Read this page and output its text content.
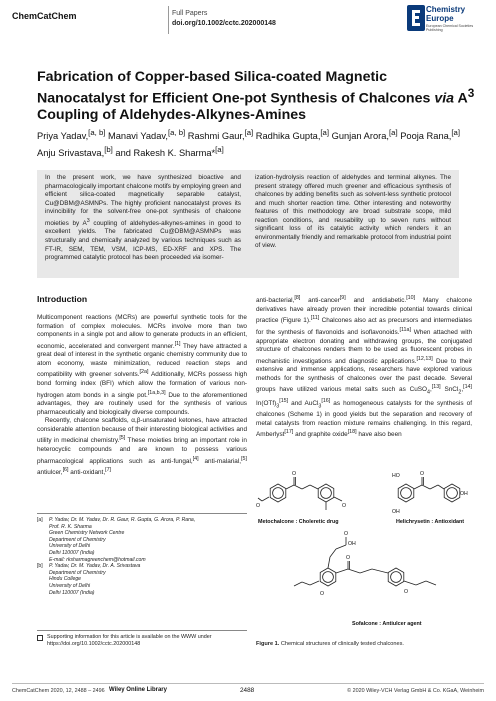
ChemCatChem	Full Papers
doi.org/10.1002/cctc.202000148
Chemistry
Europe
European Chemical Societies Publishing
Fabrication of Copper-based Silica-coated Magnetic Nanocatalyst for Efficient One-pot Synthesis of Chalcones via $A^3$ Coupling of Aldehydes-Alkynes-Amines
Priya Yadav,[a, b] Manavi Yadav,[a, b] Rashmi Gaur,[a] Radhika Gupta,[a] Gunjan Arora,[a] Pooja Rana,[a] Anju Srivastava,[b] and Rakesh K. Sharma*[a]
In the present work, we have synthesized bioactive and pharmacologically important chalcone motifs by employing green and efficient silica-coated magnetically separable catalyst, Cu@DBM@ASMNPs. The highly proficient nanocatalyst proves its invincibility for the solvent-free one-pot synthesis of chalcone moieties by $A^3$ coupling of aldehydes-alkynes-amines in good to excellent yields. The fabricated Cu@DBM@ASMNPs was structurally and chemically analyzed by various techniques such as FT-IR, SEM, TEM, VSM, ICP-MS, ED-XRF and XPS. The programmed catalytic protocol has been proceeded via isomer-
ization-hydrolysis reaction of aldehydes and terminal alkynes. The present strategy offered much greener and efficacious synthesis of chalcones by adding benefits such as solvent-less synthetic protocol and much shorter reaction time. Other interesting and noteworthy features of this methodology are broad substrate scope, mild reaction conditions, and reusability up to seven runs without significant loss of its catalytic activity which renders it an environmentally friendly and remarkable protocol from industrial point of view.
Introduction

Multicomponent reactions (MCRs) are powerful synthetic tools for the formation of complex molecules. MCRs involve more than two components in a single pot and allow to generate products in an efficient, economic, accelerated and convergent manner.[1] They have attracted a great deal of interest in the synthetic organic chemistry community due to atom economy, waste minimization, reduced reaction steps and compatibility with greener solvents.[2a] Additionally, MCRs possess high bond forming index (BFI) which allow the formation of various non-hydrogen atom bonds in a single pot.[1a,b,3] Due to the aforementioned advantages, they are routinely used for the synthesis of various pharmaceutically and biologically diverse compounds.

Recently, chalcone scaffolds, α,β-unsaturated ketones, have attracted considerable attention because of their interesting biological activities and utility in medicinal chemistry.[5] These moieties bring an important role in heterocyclic compounds and are known to possess various pharmacological applications such as anti-fungal,[4] anti-malarial,[5] antiulcer,[6] anti-oxidant,[7]

[a]	P. Yadav, Dr. M. Yadav, Dr. R. Gaur, R. Gupta, G. Arora, P. Rana,
Prof. R. K. Sharma
Green Chemistry Network Centre
Department of Chemistry
University of Delhi
Delhi 110007 (India)
E-mail: rksharmagreenchem@hotmail.com
[b]	P. Yadav, Dr. M. Yadav, Dr. A. Srivastava
Department of Chemistry
Hindu College
University of Delhi
Delhi 110007 (India)
Supporting information for this article is available on the WWW under https://doi.org/10.1002/cctc.202000148
anti-bacterial,[8] anti-cancer[9] and antidiabetic.[10] Many chalcone derivatives have already proven their incredible potential towards clinical practice (Figure 1).[11] Chalcones also act as precursors and intermediates for the synthesis of flavonoids and isoflavonoids.[11a] When attached with appropriate electron donating and withdrawing groups, the conjugated structure of chalcones renders them to be used as fluorescent probes in mechanistic investigations and diagnostic applications.[12,13] Due to their extensive and immense applications, researchers have explored various methods for the synthesis of chalcones over the past decade. Several groups have utilized various metal salts such as CuSO$_4$,[13] SnCl$_2$,[14] $In(OTf)_3[15]$ and AuCl$_3$[16] as homogeneous catalysts for the synthesis of chalcones (Scheme 1) in good yields but the separation and recovery of metal catalysts from reaction mixture remains challenging. In this regard, Amberlyst[17] and graphite oxide[18] have also been
O
O	O
O
HO
OH
OH
O
OH
O
O	O
Metochalcone : Choleretic drug	Helichrysetin : Antioxidant
Sofalcone : Antiulcer agent
Figure 1. Chemical structures of clinically tested chalcones.
ChemCatChem 2020, 12, 2488 – 2496 Wiley Online Library	2488	© 2020 Wiley-VCH Verlag GmbH & Co. KGaA, Weinheim
